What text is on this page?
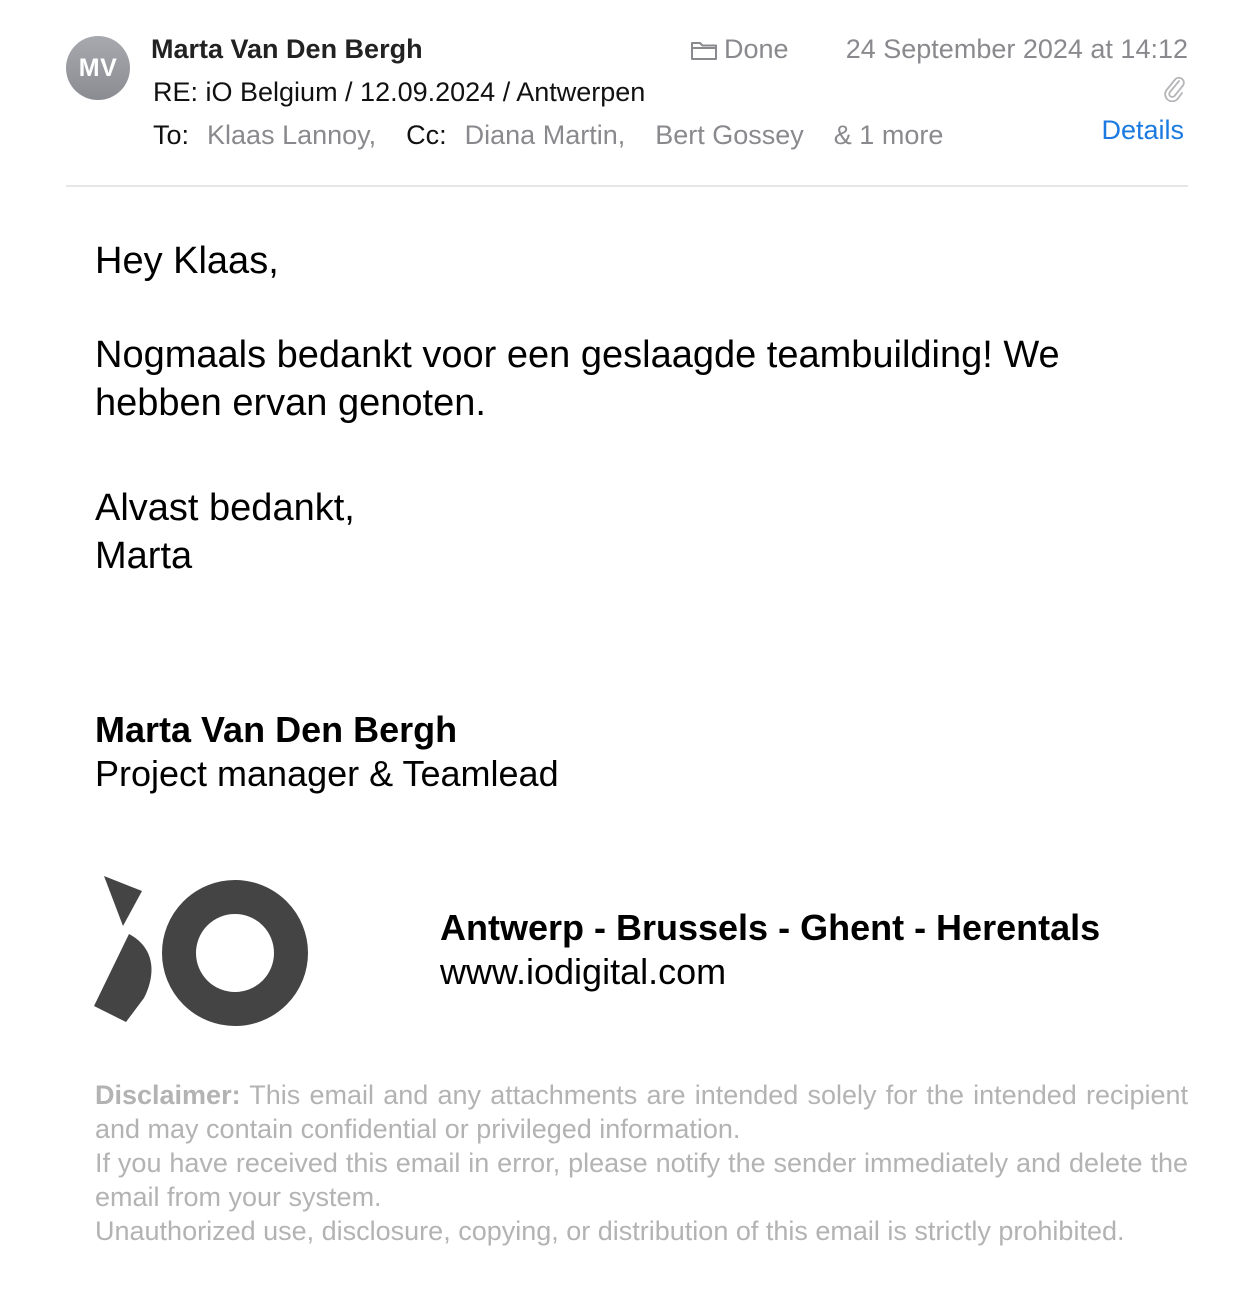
MV
Marta Van Den Bergh	Done 24 September 2024 at 14:12
RE: iO Belgium / 12.09.2024 / Antwerpen
To: Klaas Lannoy, Cc: Diana Martin, Bert Gossey & 1 more	Details
Hey Klaas,
Nogmaals bedankt voor een geslaagde teambuilding! We hebben ervan genoten.
Alvast bedankt,
Marta
Marta Van Den Bergh
Project manager & Teamlead
Antwerp - Brussels - Ghent - Herentals
www.iodigital.com

Disclaimer: This email and any attachments are intended solely for the intended recipient and may contain confidential or privileged information.

If you have received this email in error, please notify the sender immediately and delete the email from your system.

Unauthorized use, disclosure, copying, or distribution of this email is strictly prohibited.
